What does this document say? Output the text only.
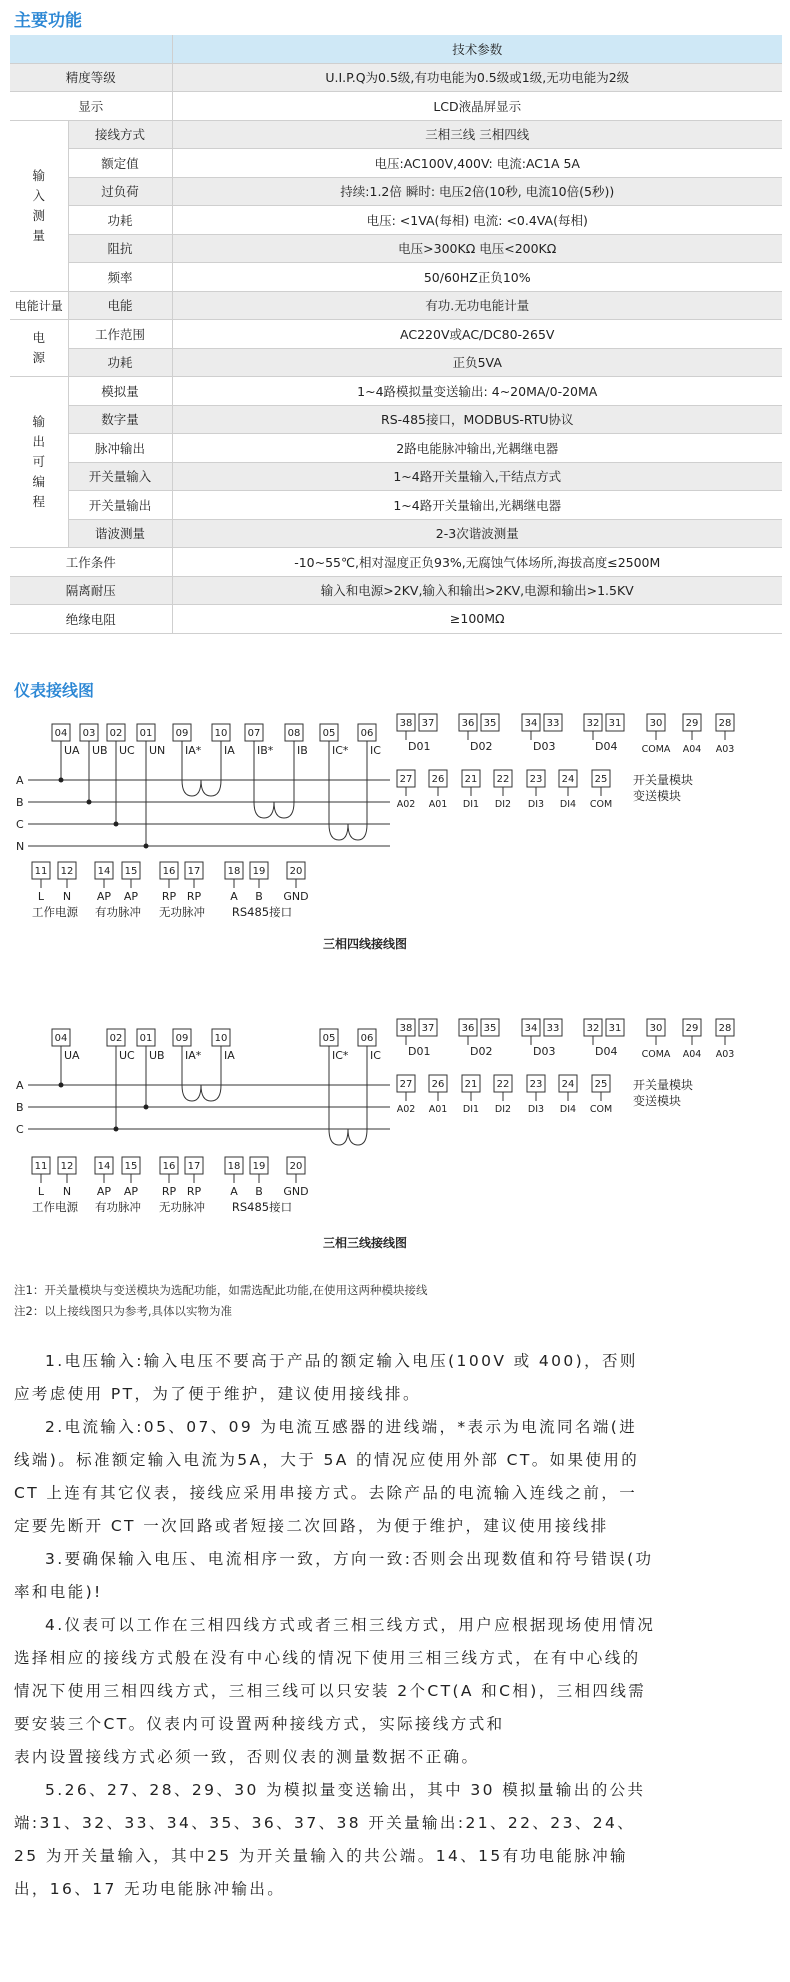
主要功能
		技术参数
精度等级		U.I.P.Q为0.5级,有功电能为0.5级或1级,无功电能为2级
显示		LCD液晶屏显示
输入测量	接线方式	三相三线 三相四线
	额定值	电压:AC100V,400V: 电流:AC1A 5A
	过负荷	持续:1.2倍 瞬时: 电压2倍(10秒, 电流10倍(5秒))
	功耗	电压: <1VA(每相) 电流: <0.4VA(每相)
	阻抗	电压>300KΩ 电压<200KΩ
	频率	50/60HZ正负10%
电能计量	电能	有功.无功电能计量
电源	工作范围	AC220V或AC/DC80-265V
	功耗	正负5VA
输出可编程	模拟量	1~4路模拟量变送输出: 4~20MA/0-20MA
	数字量	RS-485接口，MODBUS-RTU协议
	脉冲输出	2路电能脉冲输出,光耦继电器
	开关量输入	1~4路开关量输入,干结点方式
	开关量输出	1~4路开关量输出,光耦继电器
	谐波测量	2-3次谐波测量
工作条件		-10~55℃,相对湿度正负93%,无腐蚀气体场所,海拔高度≤2500M
隔离耐压		输入和电源>2KV,输入和输出>2KV,电源和输出>1.5KV
绝缘电阻		≥100MΩ
仪表接线图
A
B
C
N
04 03 02 01 09	10 07	08 05	06
UA UB UC UN IA* IA IB* IB IC* IC
38 37	36 35	34 33	32 31	30 29 28
COMA A04 A03
D01	D02	D03	D04
27 26 21 22 23 24 25
A02 A01 DI1 DI2 DI3 DI4 COM
开关量模块
变送模块
11 12 14 15	16 17	18 19 20
L N AP AP RP RP	A B GND
工作电源 有功脉冲 无功脉冲 RS485接口
三相四线接线图
A
B
C
04	02 01 09	10	05	06
UA	UC UB IA* IA	IC* IC
38 37	36 35	34 33	32 31	30 29 28
COMA A04 A03
D01	D02	D03	D04
27 26 21 22 23 24 25
A02 A01 DI1 DI2 DI3 DI4 COM
开关量模块
变送模块
11 12 14 15	16 17	18 19 20
L N AP AP RP RP	A B GND
工作电源 有功脉冲 无功脉冲 RS485接口
三相三线接线图
注1：开关量模块与变送模块为选配功能，如需选配此功能,在使用这两种模块接线
注2：以上接线图只为参考,具体以实物为准

1.电压输入:输入电压不要高于产品的额定输入电压(100V 或 400)，否则

应考虑使用 PT，为了便于维护，建议使用接线排。

2.电流输入:05、07、09 为电流互感器的进线端，*表示为电流同名端(进

线端)。标准额定输入电流为5A，大于 5A 的情况应使用外部 CT。如果使用的

CT 上连有其它仪表，接线应采用串接方式。去除产品的电流输入连线之前，一

定要先断开 CT 一次回路或者短接二次回路，为便于维护，建议使用接线排

3.要确保输入电压、电流相序一致，方向一致:否则会出现数值和符号错误(功

率和电能)!

4.仪表可以工作在三相四线方式或者三相三线方式，用户应根据现场使用情况

选择相应的接线方式般在没有中心线的情况下使用三相三线方式，在有中心线的

情况下使用三相四线方式，三相三线可以只安装 2个CT(A 和C相)，三相四线需

要安装三个CT。仪表内可设置两种接线方式，实际接线方式和

表内设置接线方式必须一致，否则仪表的测量数据不正确。

5.26、27、28、29、30 为模拟量变送输出，其中 30 模拟量输出的公共

端:31、32、33、34、35、36、37、38 开关量输出:21、22、23、24、

25 为开关量输入，其中25 为开关量输入的共公端。14、15有功电能脉冲输

出，16、17 无功电能脉冲输出。
